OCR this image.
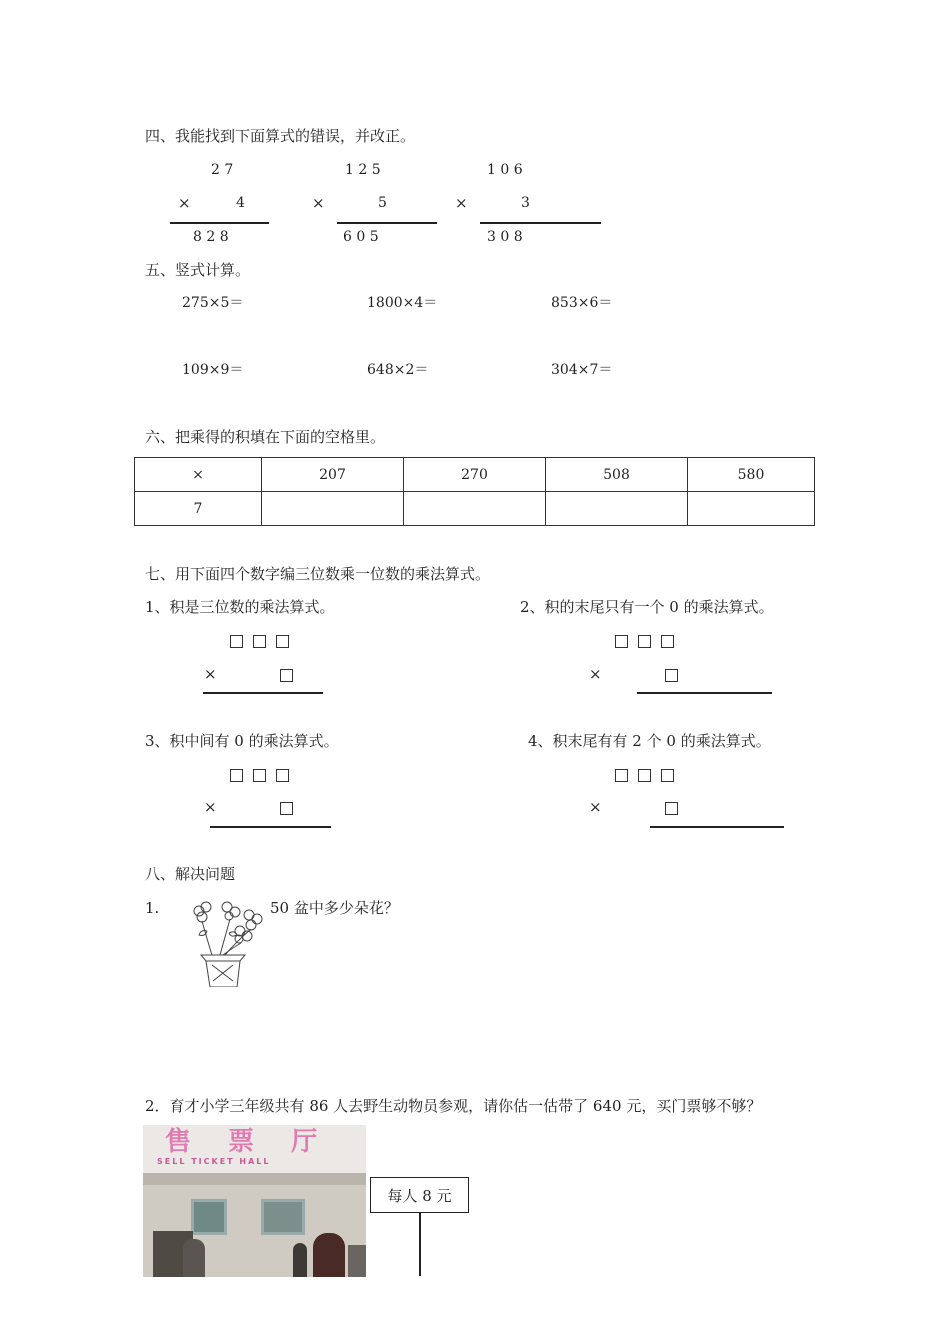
四、我能找到下面算式的错误，并改正。
2 7
×	4
8 2 8
1 2 5
×	5
6 0 5
1 0 6
×	3
3 0 8
五、竖式计算。
275×5＝	1800×4＝	853×6＝
109×9＝	648×2＝	304×7＝
六、把乘得的积填在下面的空格里。
×	207	270	508	580
7				
七、用下面四个数字编三位数乘一位数的乘法算式。
1、积是三位数的乘法算式。	2、积的末尾只有一个 0 的乘法算式。
×	×
3、积中间有 0 的乘法算式。	4、积末尾有有 2 个 0 的乘法算式。
×	×
八、解决问题
1.	50 盆中多少朵花？
2．育才小学三年级共有 86 人去野生动物员参观，请你估一估带了 640 元，买门票够不够？
售 票 厅
SELL TICKET HALL
每人 8 元
